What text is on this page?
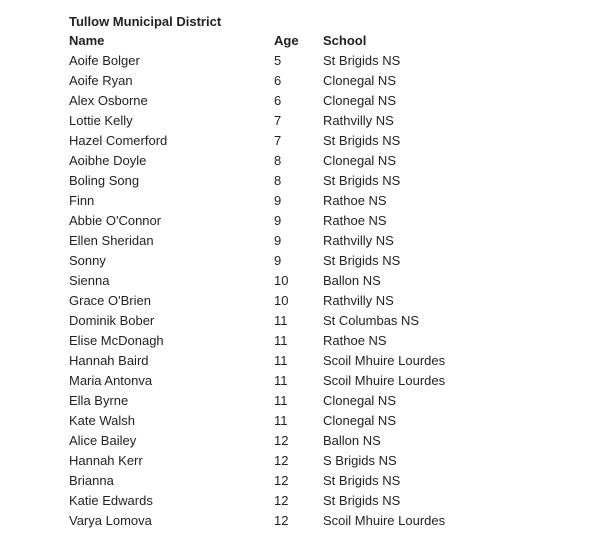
Tullow Municipal District
Name	Age	School
Aoife Bolger	5	St Brigids NS
Aoife Ryan	6	Clonegal NS
Alex Osborne	6	Clonegal NS
Lottie Kelly	7	Rathvilly NS
Hazel Comerford	7	St Brigids NS
Aoibhe Doyle	8	Clonegal NS
Boling Song	8	St Brigids NS
Finn	9	Rathoe NS
Abbie O'Connor	9	Rathoe NS
Ellen Sheridan	9	Rathvilly NS
Sonny	9	St Brigids NS
Sienna	10	Ballon NS
Grace O'Brien	10	Rathvilly NS
Dominik Bober	11	St Columbas NS
Elise McDonagh	11	Rathoe NS
Hannah Baird	11	Scoil Mhuire Lourdes
Maria Antonva	11	Scoil Mhuire Lourdes
Ella Byrne	11	Clonegal NS
Kate Walsh	11	Clonegal NS
Alice Bailey	12	Ballon NS
Hannah Kerr	12	S Brigids NS
Brianna	12	St Brigids NS
Katie Edwards	12	St Brigids NS
Varya Lomova	12	Scoil Mhuire Lourdes
